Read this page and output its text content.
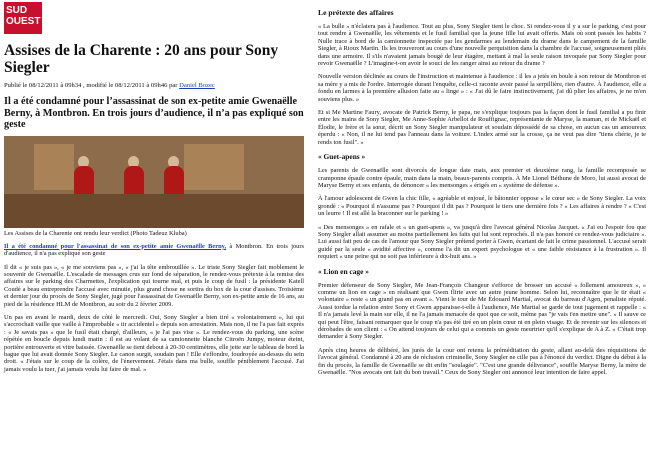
SUD
OUEST
Assises de la Charente : 20 ans pour Sony Siegler
Publié le 08/12/2011 à 09h34 , modifié le 08/12/2011 à 09h46 par Daniel Bozec
Il a été condamné pour l’assassinat de son ex-petite amie Gwenaëlle Berny, à Montbron. En trois jours d’audience, il n’a pas expliqué son geste
Les Assises de la Charente ont rendu leur verdict (Photo Tadeuz Kluba)

Il a été condamné pour l'assassinat de son ex-petite amie Gwenaëlle Berny, à Montbron. En trois jours d'audience, il n'a pas expliqué son geste

Il dit « je suis pas », « je me souviens pas », « j'ai la tête embrouillée ». Le triste Sony Siegler fait moblement le souvenir de Gwenaëlle. L'escalade de messages crus sur fond de séparation, le rendez-vous prétexte à la remise des affaires sur le parking des Charmettes, l'explication qui tourne mal, et puis le coup de fusil : la présidente Katell Coudé a beau entreprendre l'accusé avec minutie, plus grand chose ne sortira du box de la cour d'assises. Troisième et dernier jour du procès de Sony Siegler, jugé pour l'assassinat de Gwenaëlle Berny, son ex-petite amie de 16 ans, au pied de la résidence HLM de Montbron, au soir du 2 février 2009.

Un pas en avant le mardi, deux de côté le mercredi. Oui, Sony Siegler a bien tiré « volontairement », lui qui s'accrochait vaille que vaille à l'improbable « tir accidentel » depuis son arrestation. Mais non, il ne l'a pas fait exprès : « Je savais pas » que le fusil était chargé, d'ailleurs, « je l'ai pas vise ». Le rendez-vous du parking, une scène répétée en boucle depuis lundi matin : il est au volant de sa camionnette blanche Citroën Jumpy, moteur éteint, portière entrouverte et vitre baissée. Gwenaëlle se tient debout à 20-30 centimètres, elle jette sur le tableau de bord la bague que lui avait donnée Sony Siegler. Le canon surgit, soudain pan ! Elle s'effondre, foudroyée au-dessus du sein droit. « J'étais sur le coup de la colère, de l'énervement. J'étais dans ma bulle, souffle péniblement l'accusé. J'ai jamais voulu la tuer, j'ai jamais voulu lui faire de mal. »

Le prétexte des affaires

« La bulle » n'éclatera pas à l'audience. Tout au plus, Sony Siegler tient le choc. Si rendez-vous il y a sur le parking, c'est pour tout rendre à Gwenaëlle, les vêtements et le fusil familial que la jeune fille lui avait offerts. Mais où sont passés les habits ? Nulle trace à bord de la camionnette inspectée par les gendarmes au lendemain du drame dans le campement de la famille Siegler, à Rioux Martin. Ils les trouveront au cours d'une nouvelle perquisition dans la chambre de l'accusé, soigneusement pliés dans une armoire. Il s'ils n'avaient jamais bougé de leur étagère, mettant à mal la seule raison invoquée par Sony Siegler pour revoir Gwenaëlle ? L'imagine-t-on avoir le souci de les ranger ainsi au retour du drame ?

Nouvelle version déclinée au cours de l'instruction et maintenue à l'audience : il les a jetés en boule à son retour de Montbron et sa mère y a mis de l'ordre. Interrogée durant l'enquête, celle-ci raconte avoir passé la serpillière, rien d'autre. À l'audience, elle a fondu en larmes à la première allusion faite au « linge » : « J'ai dû le faire instinctivement, j'ai dû plier les affaires, je ne m'en souviens plus. »

Et si Me Martine Faury, avocate de Patrick Berny, le papa, ne s'explique toujours pas la façon dont le fusil familial a pu finir entre les mains de Sony Siegler, Me Anne-Sophie Arbellot de Rouffignac, représentante de Maryse, la maman, et de Mickaël et Élodie, le frère et la sœur, décrit un Sony Siegler manipulateur et soudain dépossédé de sa chose, en aucun cas un amoureux éperdu : « Non, il ne lui tend pas l'anneau dans la voiture. L'index armé sur la crosse, ça ne veut pas dire "tiens chérie, je te rends ton fusil". »

« Guet-apens »

Les parents de Gwenaëlle sont divorcés de longue date mais, aux premier et deuxième rang, la famille recomposée se cramponne épaule contre épaule, main dans la main, beaux-parents compris. À Me Lionel Béthune de Moro, lui aussi avocat de Maryse Berny et ses enfants, de dénoncer « les mensonges » érigés en « système de défense ».

À l'amour adolescent de Gwen la chic fille, « agréable et enjoué, le bâtonnier oppose « le cœur sec » de Sony Siegler. La voix grondé : « Pourquoi il n'assume pas ? Pourquoi il dit pas ? Pourquoi le tiers une dernière fois ? « Les affaires à rendre ? « C'est un leurre ! Il est allé la braconner sur le parking ! »

« Des mensonges » en rafale et « un guet-apens », va jusqu'à dire l'avocat général Nicolas Jacquet. « J'ai eu l'espoir fou que Sony Siegler allait assumer au moins partiellement les faits qui lui sont reprochés. Il n'a pas honoré ce rendez-vous judiciaire ». Lui aussi fait peu de cas de l'amour que Sony Siegler prétend porter à Gwen, écartant de fait le crime passionnel. L'accusé serait guidé par la seule « avidité affective », comme l'a dit un expert psychologue et « une faible résistance à la frustration ». Il requiert « une peine qui ne soit pas inférieure à dix-huit ans. »

« Lion en cage »

Premier défenseur de Sony Siegler, Me Jean-François Changeur s'efforce de brosser un accusé « follement amoureux », « comme un lion en cage » en réalisant que Gwen flirte avec un autre jeune homme. Selon lui, reconnaître que le tir était « volontaire » reste « un grand pas en avant ». Vient le tour de Me Édouard Martial, avocat du barreau d'Agen, penaliste réputé. Aussi tordue la relation entre Sony et Gwen apparaisse-t-elle à l'audience, Me Martial se garde de tout jugement et rappelle : « Il n'a jamais levé la main sur elle, il ne l'a jamais menacée de quoi que ce soit, même pas "je vais t'en mettre une". » Il sauve ce qui peut l'être, faisant remarquer que le coup n'a pas été tiré en un plein cœur ni en plein visage. Et de revenir sur les silences et dérobades de son client : « On attend toujours de celui qui a commis un geste meurtrier qu'il s'explique de A à Z. » C'était trop demander à Sony Siegler.

Après cinq heures de délibéré, les jurés de la cour ont retenu la préméditation du geste, allant au-delà des réquisitions de l'avocat général. Condamné à 20 ans de réclusion criminelle, Sony Siegler ne cille pas à l'énoncé du verdict. Digne du début à la fin du procès, la famille de Gwenaëlle se dit enfin "soulagée". "C'est une grande délivrance", souffle Maryse Berny, la mère de Gwenaëlle. "Nos avocats ont fait du bon travail." Ceux de Sony Siegler ont annoncé leur intention de faire appel.
